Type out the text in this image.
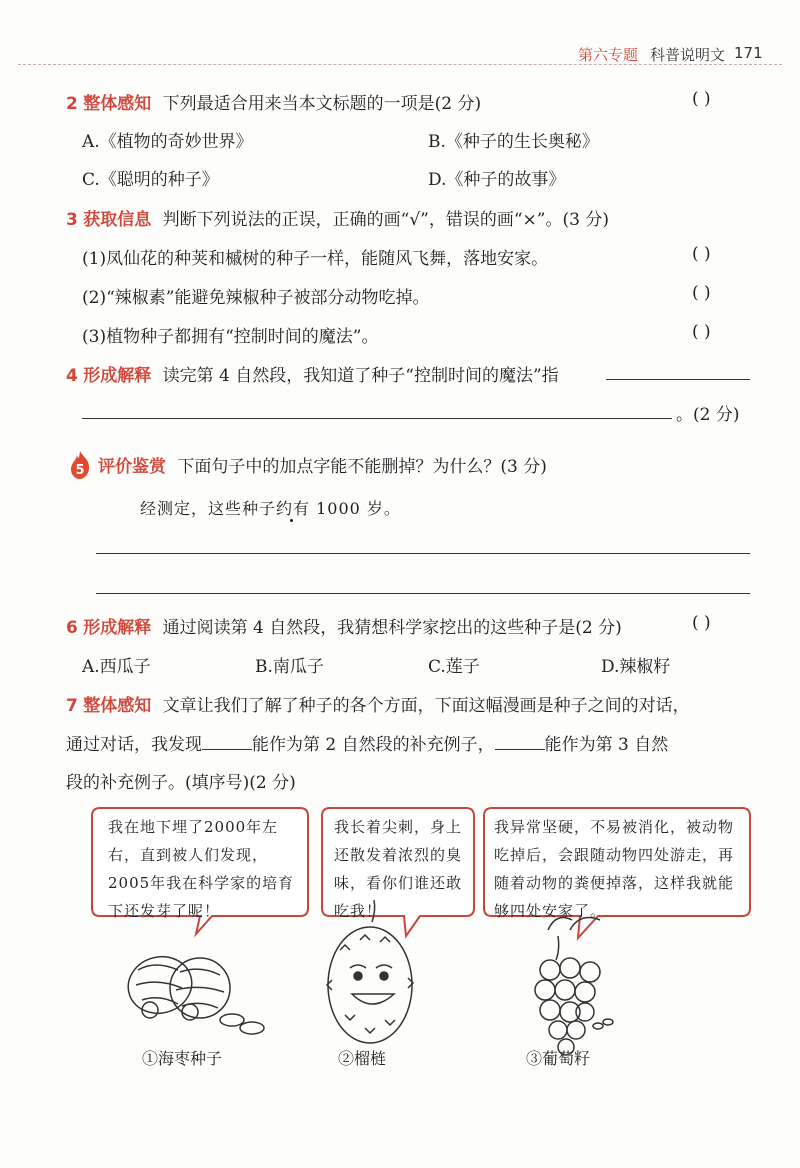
第六专题 科普说明文 171
2 整体感知 下列最适合用来当本文标题的一项是(2 分)	( )
A.《植物的奇妙世界》	B.《种子的生长奥秘》
C.《聪明的种子》	D.《种子的故事》
3 获取信息 判断下列说法的正误，正确的画“√”，错误的画“×”。(3 分)
(1)凤仙花的种荚和槭树的种子一样，能随风飞舞，落地安家。	( )
(2)“辣椒素”能避免辣椒种子被部分动物吃掉。	( )
(3)植物种子都拥有“控制时间的魔法”。	( )
4 形成解释 读完第 4 自然段，我知道了种子“控制时间的魔法”指
。(2 分)
5 评价鉴赏 下面句子中的加点字能不能删掉？为什么？(3 分)
经测定，这些种子约有 1000 岁。
6 形成解释 通过阅读第 4 自然段，我猜想科学家挖出的这些种子是(2 分)	( )
A.西瓜子	B.南瓜子	C.莲子	D.辣椒籽
7 整体感知 文章让我们了解了种子的各个方面，下面这幅漫画是种子之间的对话，
通过对话，我发现	能作为第 2 自然段的补充例子，	能作为第 3 自然
段的补充例子。(填序号)(2 分)
我在地下埋了2000年左右，直到被人们发现，2005年我在科学家的培育下还发芽了呢！
我长着尖刺，身上还散发着浓烈的臭味，看你们谁还敢吃我！
我异常坚硬，不易被消化，被动物吃掉后，会跟随动物四处游走，再随着动物的粪便掉落，这样我就能够四处安家了。
①海枣种子	②榴梿	③葡萄籽
